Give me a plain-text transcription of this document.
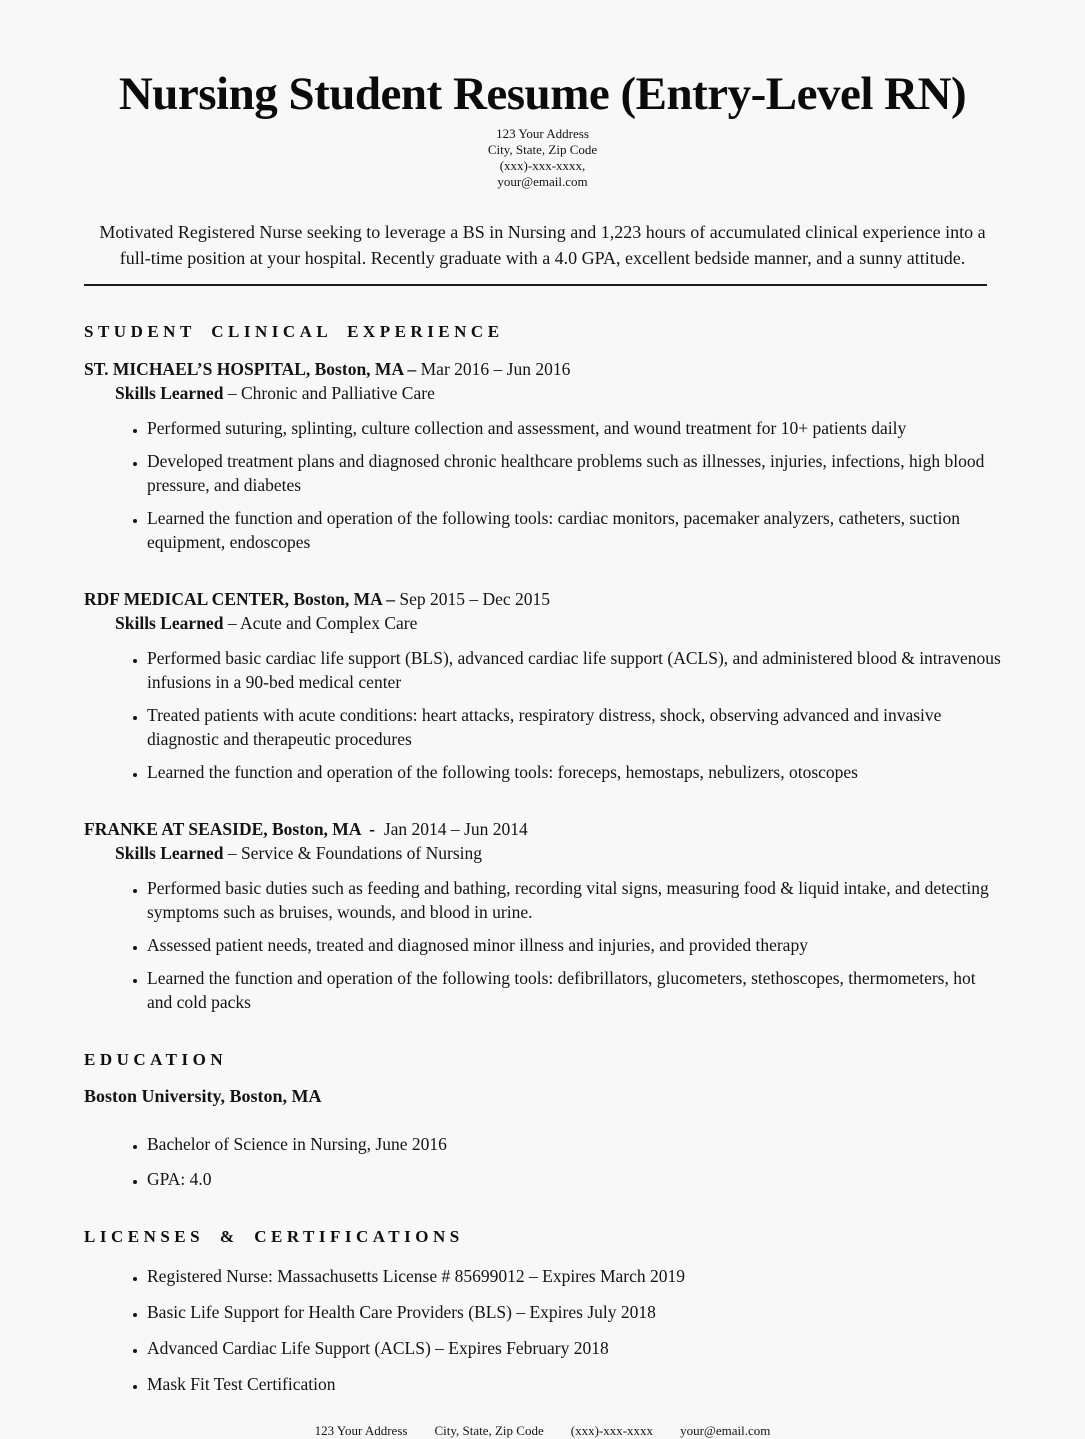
Nursing Student Resume (Entry-Level RN)
123 Your Address
City, State, Zip Code
(xxx)-xxx-xxxx,
your@email.com

Motivated Registered Nurse seeking to leverage a BS in Nursing and 1,223 hours of accumulated clinical experience into a full-time position at your hospital. Recently graduate with a 4.0 GPA, excellent bedside manner, and a sunny attitude.

STUDENT CLINICAL EXPERIENCE

ST. MICHAEL’S HOSPITAL, Boston, MA – Mar 2016 – Jun 2016

Skills Learned – Chronic and Palliative Care

• Performed suturing, splinting, culture collection and assessment, and wound treatment for 10+ patients daily
• Developed treatment plans and diagnosed chronic healthcare problems such as illnesses, injuries, infections, high blood pressure, and diabetes
• Learned the function and operation of the following tools: cardiac monitors, pacemaker analyzers, catheters, suction equipment, endoscopes

RDF MEDICAL CENTER, Boston, MA – Sep 2015 – Dec 2015

Skills Learned – Acute and Complex Care

• Performed basic cardiac life support (BLS), advanced cardiac life support (ACLS), and administered blood & intravenous infusions in a 90-bed medical center
• Treated patients with acute conditions: heart attacks, respiratory distress, shock, observing advanced and invasive diagnostic and therapeutic procedures
• Learned the function and operation of the following tools: foreceps, hemostaps, nebulizers, otoscopes

FRANKE AT SEASIDE, Boston, MA  -  Jan 2014 – Jun 2014

Skills Learned – Service & Foundations of Nursing

• Performed basic duties such as feeding and bathing, recording vital signs, measuring food & liquid intake, and detecting symptoms such as bruises, wounds, and blood in urine.
• Assessed patient needs, treated and diagnosed minor illness and injuries, and provided therapy
• Learned the function and operation of the following tools: defibrillators, glucometers, stethoscopes, thermometers, hot and cold packs
EDUCATION

Boston University, Boston, MA

• Bachelor of Science in Nursing, June 2016
• GPA: 4.0
LICENSES & CERTIFICATIONS
• Registered Nurse: Massachusetts License # 85699012 – Expires March 2019
• Basic Life Support for Health Care Providers (BLS) – Expires July 2018
• Advanced Cardiac Life Support (ACLS) – Expires February 2018
• Mask Fit Test Certification
123 Your Address City, State, Zip Code (xxx)-xxx-xxxx your@email.com
